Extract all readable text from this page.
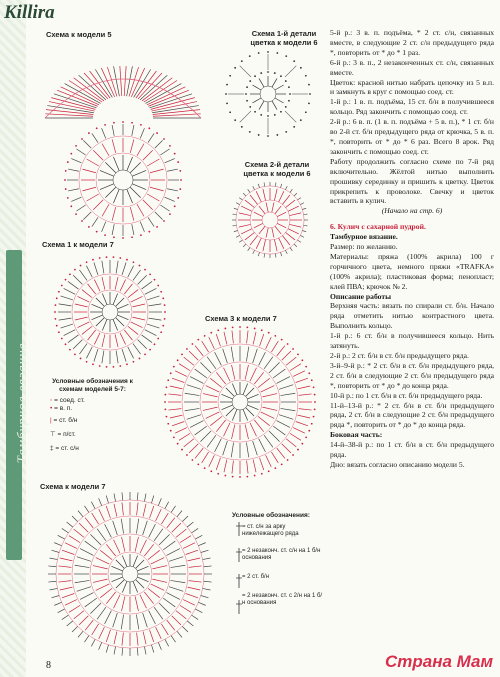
Тамбурное вязание
Killira
Схема к модели 5	Схема 1-й детали цветка к модели 6
Схема 2-й детали цветка к модели 6
Схема 1 к модели 7
Схема 3 к модели 7
Схема к модели 7
Условные обозначения к схемам моделей 5-7:
◦ = соед. ст.
• = в. п.
| = ст. б/н
⊤ = п/ст.
‡ = ст. с/н
Условные обозначения:
= ст. с/н за арку нижележащего ряда
= 2 незаконч. ст. с/н на 1 б/н основания
= 2 ст. б/н
= 2 незаконч. ст. с 2/н на 1 б/н основания

5-й р.: 3 в. п. подъёма, * 2 ст. с/н, связанных вместе, в следующие 2 ст. с/н предыдущего ряда *, повторить от * до * 1 раз.

6-й р.: 3 в. п., 2 незаконченных ст. с/н, связанных вместе.

Цветок: красной нитью набрать цепочку из 5 в.п. и замкнуть в круг с помощью соед. ст.

1-й р.: 1 в. п. подъёма, 15 ст. б/н в получившееся кольцо. Ряд закончить с помощью соед. ст.

2-й р.: 6 в. п. (1 в. п. подъёма + 5 в. п.), * 1 ст. б/н во 2-й ст. б/н предыдущего ряда от крючка, 5 в. п. *, повторить от * до * 6 раз. Всего 8 арок. Ряд закончить с помощью соед. ст.

Работу продолжить согласно схеме по 7-й ряд включительно. Жёлтой нитью выполнить прошивку серединку и пришить к цветку. Цветок прикрепить к проволоке. Свечку и цветок вставить в кулич.

(Начало на стр. 6)

6. Кулич с сахарной пудрой.

Тамбурное вязание.

Размер: по желанию.

Материалы: пряжа (100% акрила) 100 г горчичного цвета, немного пряжи «TRAFKA» (100% акрила); пластиковая форма; пенопласт; клей ПВА; крючок № 2.

Описание работы

Верхняя часть: вязать по спирали ст. б/н. Начало ряда отметить нитью контрастного цвета. Выполнить кольцо.

1-й р.: 6 ст. б/н в получившееся кольцо. Нить затянуть.

2-й р.: 2 ст. б/н в ст. б/н предыдущего ряда.

3-й–9-й р.: * 2 ст. б/н в ст. б/н предыдущего ряда, 2 ст. б/н в следующие 2 ст. б/н предыдущего ряда *, повторить от * до * до конца ряда.

10-й р.: по 1 ст. б/н в ст. б/н предыдущего ряда.

11-й–13-й р.: * 2 ст. б/н в ст. б/н предыдущего ряда, 2 ст. б/н в следующие 2 ст. б/н предыдущего ряда *, повторить от * до * до конца ряда.

Боковая часть:

14-й–38-й р.: по 1 ст. б/н в ст. б/н предыдущего ряда.

Дно: вязать согласно описанию модели 5.

8	Страна Мам
